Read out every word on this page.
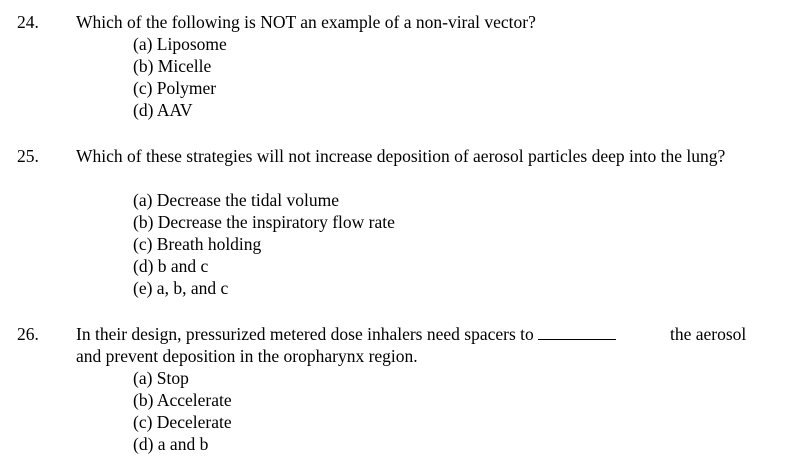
24. Which of the following is NOT an example of a non-viral vector?
(a) Liposome
(b) Micelle
(c) Polymer
(d) AAV
25. Which of these strategies will not increase deposition of aerosol particles deep into the lung?
(a) Decrease the tidal volume
(b) Decrease the inspiratory flow rate
(c) Breath holding
(d) b and c
(e) a, b, and c
26. In their design, pressurized metered dose inhalers need spacers to
and prevent deposition in the oropharynx region.
the aerosol
(a) Stop
(b) Accelerate
(c) Decelerate
(d) a and b
